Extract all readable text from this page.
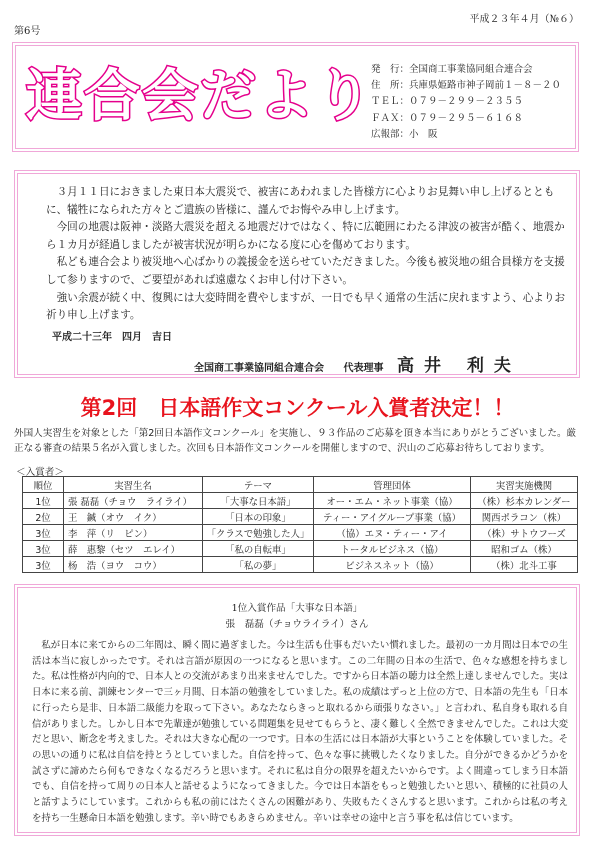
第6号
平成２３年４月（№６）
連合会だより
発　行：全国商工事業協同組合連合会
住　所：兵庫県姫路市神子岡前１－８－２０
ＴＥＬ：０７９－２９９－２３５５
ＦＡＸ：０７９－２９５－６１６８
広報部：小　阪

　３月１１日におきました東日本大震災で、被害にあわれました皆様方に心よりお見舞い申し上げるとともに、犠牲になられた方々とご遺族の皆様に、謹んでお悔やみ申し上げます。

　今回の地震は阪神・淡路大震災を超える地震だけではなく、特に広範囲にわたる津波の被害が酷く、地震から１カ月が経過しましたが被害状況が明らかになる度に心を傷めております。

　私ども連合会より被災地へ心ばかりの義援金を送らせていただきました。今後も被災地の組合員様方を支援して参りますので、ご要望があれば遠慮なくお申し付け下さい。

　強い余震が続く中、復興には大変時間を費やしますが、一日でも早く通常の生活に戻れますよう、心よりお祈り申し上げます。

平成二十三年　四月　吉日
全国商工事業協同組合連合会 代表理事 高井 利夫
第2回　日本語作文コンクール入賞者決定！！
外国人実習生を対象とした「第2回日本語作文コンクール」を実施し、９３作品のご応募を頂き本当にありがとうございました。厳正なる審査の結果５名が入賞しました。次回も日本語作文コンクールを開催しますので、沢山のご応募お待ちしております。
＜入賞者＞
順位	実習生名	テーマ	管理団体	実習実施機関
1位	張 磊磊（チョウ　ライライ）	「大事な日本語」	オー・エム・ネット事業（協）	（株）杉本カレンダー
2位	王　鍼（オウ　イク）	「日本の印象」	ティー・アイグループ事業（協）	関西ポラコン（株）
3位	李　萍（リ　ピン）	「クラスで勉強した人」	（協）エヌ・ティー・アイ	（株）サトウフーズ
3位	薛　惠黎（セツ　エレイ）	「私の自転車」	トータルビジネス（協）	昭和ゴム（株）
3位	杨　浩（ヨウ　コウ）	「私の夢」	ビジネスネット（協）	（株）北斗工事
1位入賞作品「大事な日本語」
張　磊磊（チョウライライ）さん
私が日本に来てからの二年間は、瞬く間に過ぎました。今は生活も仕事もだいたい慣れました。最初の一カ月間は日本での生活は本当に寂しかったです。それは言語が原因の一つになると思います。この二年間の日本の生活で、色々な感想を持ちました。私は性格が内向的で、日本人との交流があまり出来ませんでした。ですから日本語の聴力は全然上達しませんでした。実は日本に来る前、訓練センターで三ヶ月間、日本語の勉強をしていました。私の成績はずっと上位の方で、日本語の先生も「日本に行ったら是非、日本語二級能力を取って下さい。あなたならきっと取れるから頑張りなさい。」と言われ、私自身も取れる自信がありました。しかし日本で先輩達が勉強している問題集を見せてもらうと、凄く難しく全然できませんでした。これは大変だと思い、断念を考えました。それは大きな心配の一つです。日本の生活には日本語が大事ということを体験していました。その思いの通りに私は自信を持とうとしていました。自信を持って、色々な事に挑戦したくなりました。自分ができるかどうかを試さずに諦めたら何もできなくなるだろうと思います。それに私は自分の限界を超えたいからです。よく間違ってしまう日本語でも、自信を持って周りの日本人と話せるようになってきました。今では日本語をもっと勉強したいと思い、積極的に社員の人と話すようにしています。これからも私の前にはたくさんの困難があり、失敗もたくさんすると思います。これからは私の考えを持ち一生懸命日本語を勉強します。辛い時でもあきらめません。辛いは幸せの途中と言う事を私は信じています。
